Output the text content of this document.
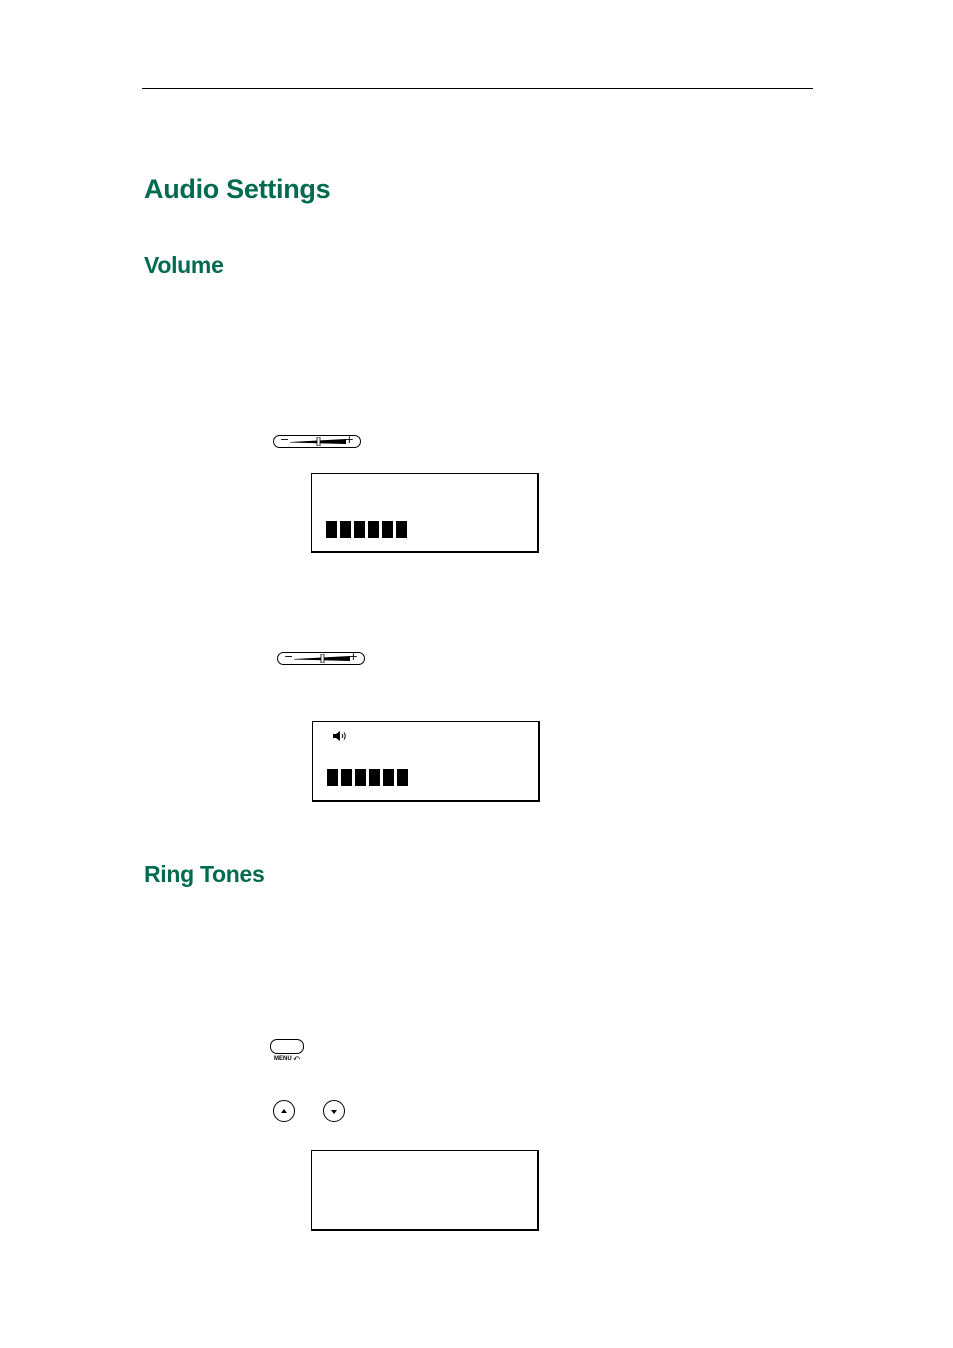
Audio Settings
Volume
−	+
−	+
Ring Tones
MENU ⤺
